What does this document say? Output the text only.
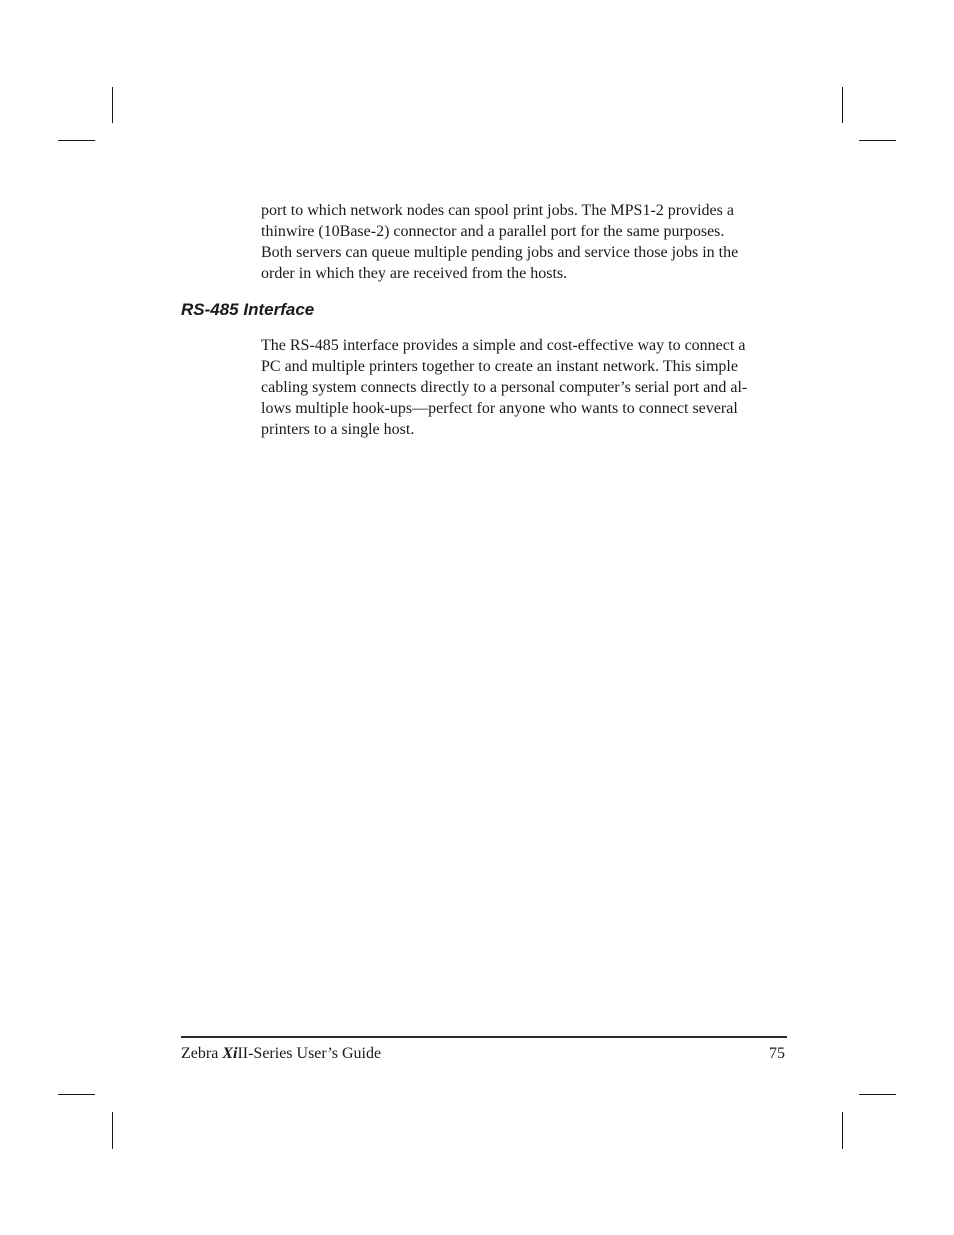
port to which network nodes can spool print jobs. The MPS1-2 provides a
thinwire (10Base-2) connector and a parallel port for the same purposes.
Both servers can queue multiple pending jobs and service those jobs in the
order in which they are received from the hosts.
RS-485 Interface
The RS-485 interface provides a simple and cost-effective way to connect a
PC and multiple printers together to create an instant network. This simple
cabling system connects directly to a personal computer’s serial port and al-
lows multiple hook-ups—perfect for anyone who wants to connect several
printers to a single host.
Zebra XiII-Series User’s Guide	75
